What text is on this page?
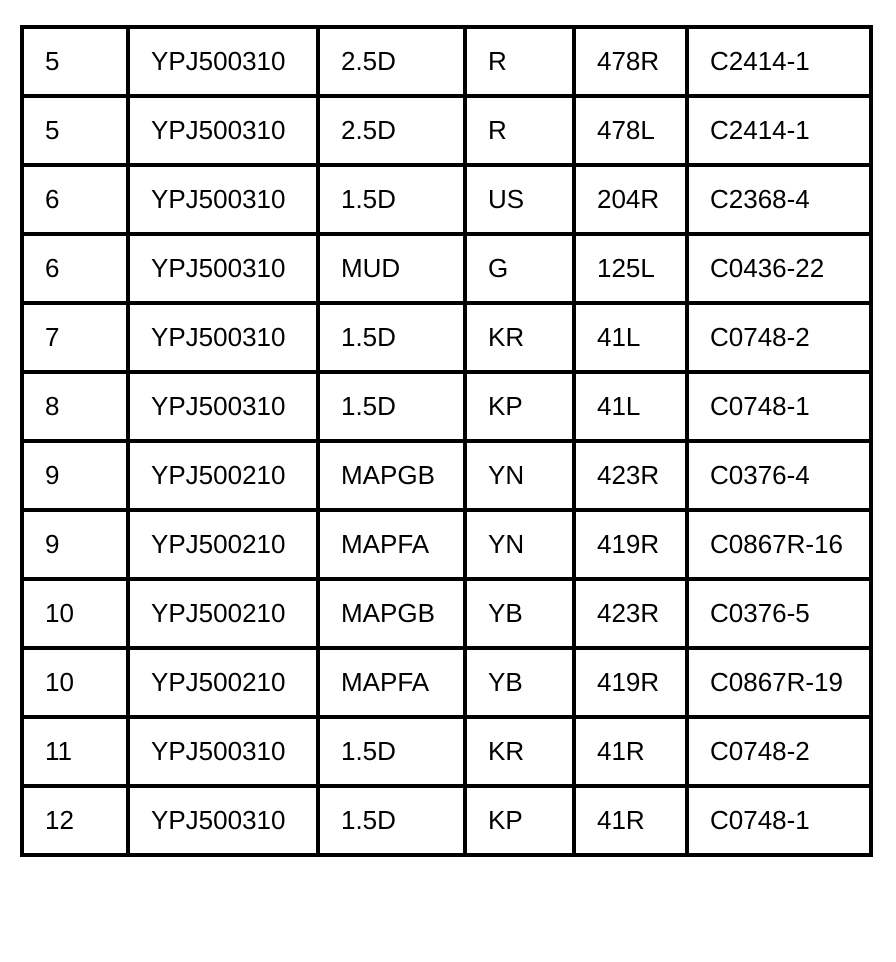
5	YPJ500310	2.5D	R	478R	C2414-1
5	YPJ500310	2.5D	R	478L	C2414-1
6	YPJ500310	1.5D	US	204R	C2368-4
6	YPJ500310	MUD	G	125L	C0436-22
7	YPJ500310	1.5D	KR	41L	C0748-2
8	YPJ500310	1.5D	KP	41L	C0748-1
9	YPJ500210	MAPGB	YN	423R	C0376-4
9	YPJ500210	MAPFA	YN	419R	C0867R-16
10	YPJ500210	MAPGB	YB	423R	C0376-5
10	YPJ500210	MAPFA	YB	419R	C0867R-19
11	YPJ500310	1.5D	KR	41R	C0748-2
12	YPJ500310	1.5D	KP	41R	C0748-1
